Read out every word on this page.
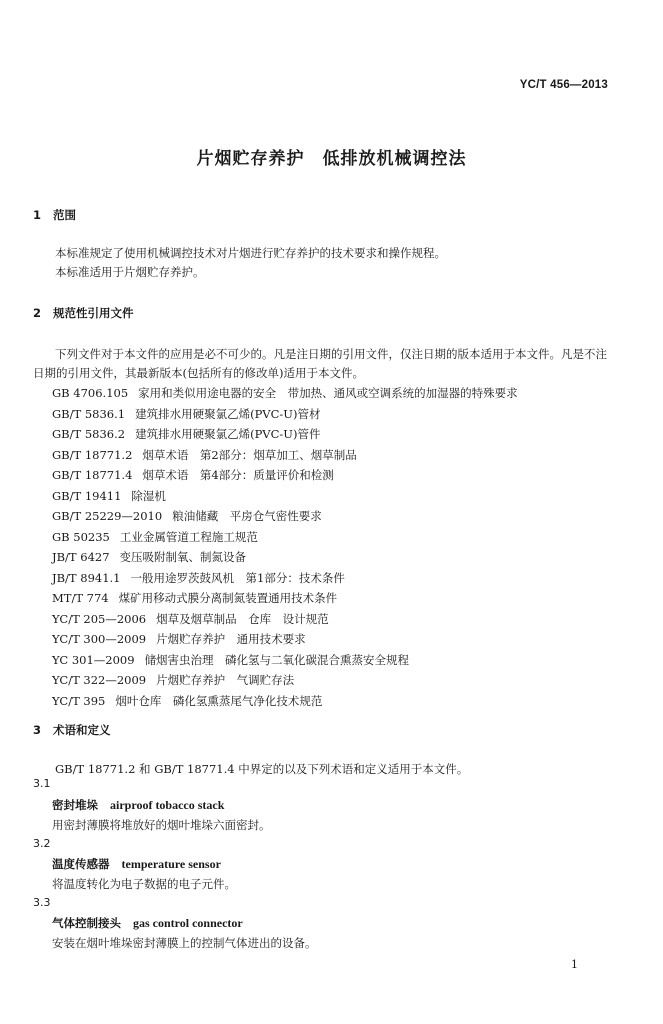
YC/T 456—2013
片烟贮存养护　低排放机械调控法
1 范围
本标准规定了使用机械调控技术对片烟进行贮存养护的技术要求和操作规程。
本标准适用于片烟贮存养护。
2 规范性引用文件
下列文件对于本文件的应用是必不可少的。凡是注日期的引用文件，仅注日期的版本适用于本文件。凡是不注日期的引用文件，其最新版本(包括所有的修改单)适用于本文件。
GB 4706.105 家用和类似用途电器的安全　带加热、通风或空调系统的加湿器的特殊要求
GB/T 5836.1 建筑排水用硬聚氯乙烯(PVC-U)管材
GB/T 5836.2 建筑排水用硬聚氯乙烯(PVC-U)管件
GB/T 18771.2 烟草术语　第2部分：烟草加工、烟草制品
GB/T 18771.4 烟草术语　第4部分：质量评价和检测
GB/T 19411 除湿机
GB/T 25229—2010 粮油储藏　平房仓气密性要求
GB 50235 工业金属管道工程施工规范
JB/T 6427 变压吸附制氧、制氮设备
JB/T 8941.1 一般用途罗茨鼓风机　第1部分：技术条件
MT/T 774 煤矿用移动式膜分离制氮装置通用技术条件
YC/T 205—2006 烟草及烟草制品　仓库　设计规范
YC/T 300—2009 片烟贮存养护　通用技术要求
YC 301—2009 储烟害虫治理　磷化氢与二氧化碳混合熏蒸安全规程
YC/T 322—2009 片烟贮存养护　气调贮存法
YC/T 395 烟叶仓库　磷化氢熏蒸尾气净化技术规范
3 术语和定义
GB/T 18771.2 和 GB/T 18771.4 中界定的以及下列术语和定义适用于本文件。
3.1
密封堆垛 airproof tobacco stack
用密封薄膜将堆放好的烟叶堆垛六面密封。
3.2
温度传感器 temperature sensor
将温度转化为电子数据的电子元件。
3.3
气体控制接头 gas control connector
安装在烟叶堆垛密封薄膜上的控制气体进出的设备。
1
